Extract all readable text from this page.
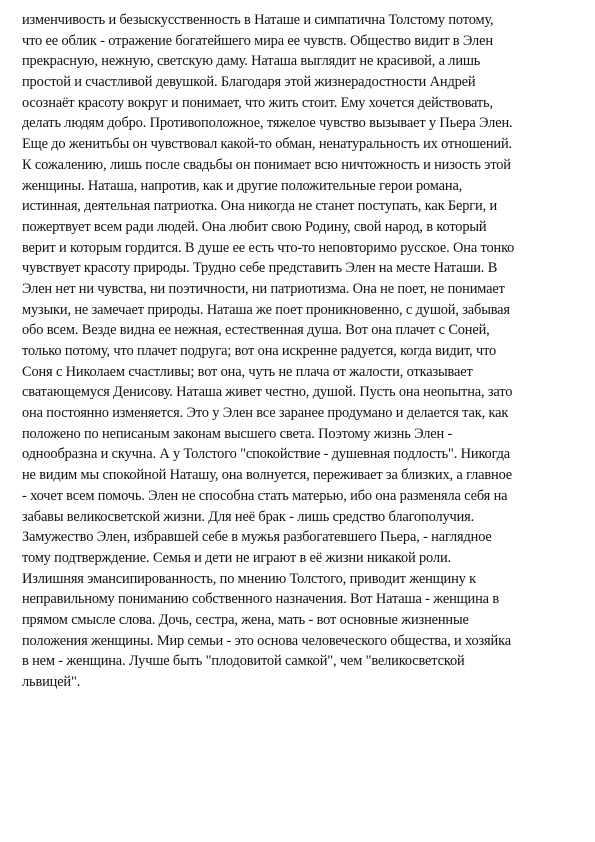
изменчивость и безыскусственность в Наташе и симпатична Толстому потому,
что ее облик - отражение богатейшего мира ее чувств. Общество видит в Элен
прекрасную, нежную, светскую даму. Наташа выглядит не красивой, а лишь
простой и счастливой девушкой. Благодаря этой жизнерадостности Андрей
осознаёт красоту вокруг и понимает, что жить стоит. Ему хочется действовать,
делать людям добро. Противоположное, тяжелое чувство вызывает у Пьера Элен.
Еще до женитьбы он чувствовал какой-то обман, ненатуральность их отношений.
К сожалению, лишь после свадьбы он понимает всю ничтожность и низость этой
женщины. Наташа, напротив, как и другие положительные герои романа,
истинная, деятельная патриотка. Она никогда не станет поступать, как Берги, и
пожертвует всем ради людей. Она любит свою Родину, свой народ, в который
верит и которым гордится. В душе ее есть что-то неповторимо русское. Она тонко
чувствует красоту природы. Трудно себе представить Элен на месте Наташи. В
Элен нет ни чувства, ни поэтичности, ни патриотизма. Она не поет, не понимает
музыки, не замечает природы. Наташа же поет проникновенно, с душой, забывая
обо всем. Везде видна ее нежная, естественная душа. Вот она плачет с Соней,
только потому, что плачет подруга; вот она искренне радуется, когда видит, что
Соня с Николаем счастливы; вот она, чуть не плача от жалости, отказывает
сватающемуся Денисову. Наташа живет честно, душой. Пусть она неопытна, зато
она постоянно изменяется. Это у Элен все заранее продумано и делается так, как
положено по неписаным законам высшего света. Поэтому жизнь Элен -
однообразна и скучна. А у Толстого "спокойствие - душевная подлость". Никогда
не видим мы спокойной Наташу, она волнуется, переживает за близких, а главное
- хочет всем помочь. Элен не способна стать матерью, ибо она разменяла себя на
забавы великосветской жизни. Для неё брак - лишь средство благополучия.
Замужество Элен, избравшей себе в мужья разбогатевшего Пьера, - наглядное
тому подтверждение. Семья и дети не играют в её жизни никакой роли.
Излишняя эмансипированность, по мнению Толстого, приводит женщину к
неправильному пониманию собственного назначения. Вот Наташа - женщина в
прямом смысле слова. Дочь, сестра, жена, мать - вот основные жизненные
положения женщины. Мир семьи - это основа человеческого общества, и хозяйка
в нем - женщина. Лучше быть "плодовитой самкой", чем "великосветской
львицей".
